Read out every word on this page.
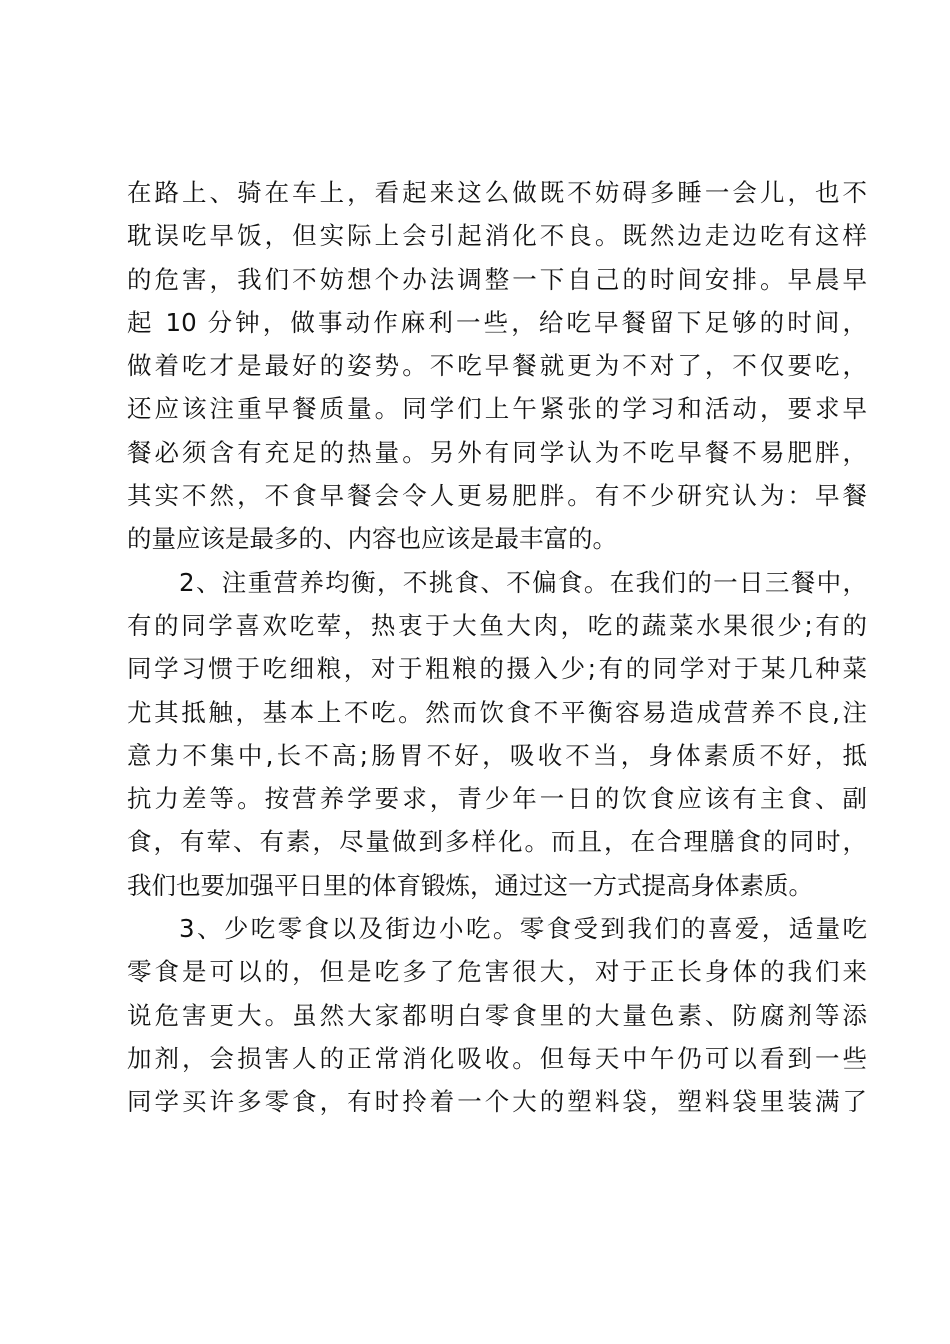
在路上、骑在车上，看起来这么做既不妨碍多睡一会儿，也不
耽误吃早饭，但实际上会引起消化不良。既然边走边吃有这样
的危害，我们不妨想个办法调整一下自己的时间安排。早晨早
起 10 分钟，做事动作麻利一些，给吃早餐留下足够的时间，
做着吃才是最好的姿势。不吃早餐就更为不对了，不仅要吃，
还应该注重早餐质量。同学们上午紧张的学习和活动，要求早
餐必须含有充足的热量。另外有同学认为不吃早餐不易肥胖，
其实不然，不食早餐会令人更易肥胖。有不少研究认为：早餐
的量应该是最多的、内容也应该是最丰富的。
2、注重营养均衡，不挑食、不偏食。在我们的一日三餐中，
有的同学喜欢吃荤，热衷于大鱼大肉，吃的蔬菜水果很少;有的
同学习惯于吃细粮，对于粗粮的摄入少;有的同学对于某几种菜
尤其抵触，基本上不吃。然而饮食不平衡容易造成营养不良,注
意力不集中,长不高;肠胃不好，吸收不当，身体素质不好，抵
抗力差等。按营养学要求，青少年一日的饮食应该有主食、副
食，有荤、有素，尽量做到多样化。而且，在合理膳食的同时，
我们也要加强平日里的体育锻炼，通过这一方式提高身体素质。
3、少吃零食以及街边小吃。零食受到我们的喜爱，适量吃
零食是可以的，但是吃多了危害很大，对于正长身体的我们来
说危害更大。虽然大家都明白零食里的大量色素、防腐剂等添
加剂，会损害人的正常消化吸收。但每天中午仍可以看到一些
同学买许多零食，有时拎着一个大的塑料袋，塑料袋里装满了
